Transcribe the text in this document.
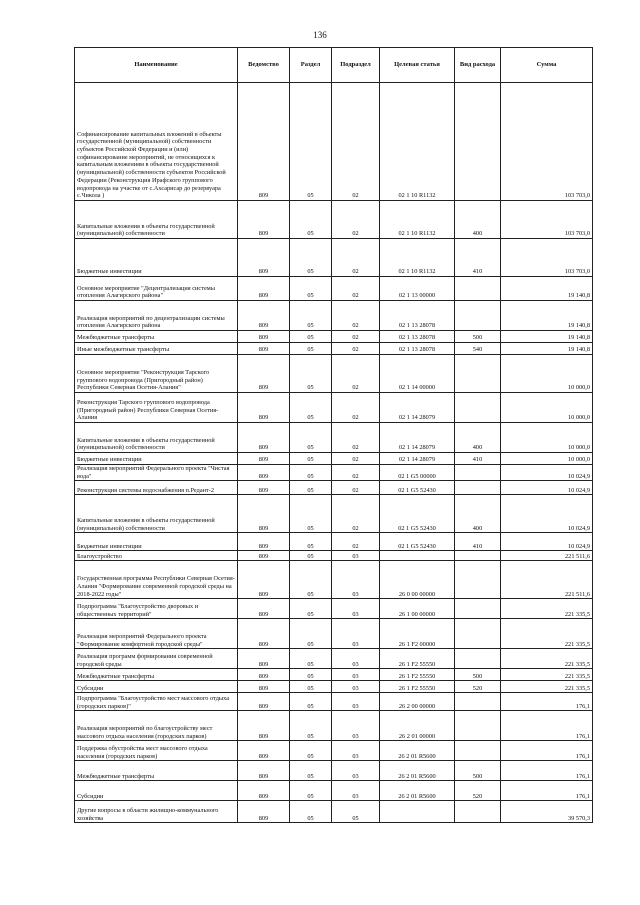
136
Наименование	Ведомство	Раздел	Подраздел	Целевая статья	Вид расхода	Сумма
Софинансирование капитальных вложений в объекты государственной (муниципальной) собственности субъектов Российской Федерации и (или) софинансирование мероприятий, не относящихся к капитальным вложениям в объекты государственной (муниципальной) собственности субъектов Российской Федерации (Реконструкция Ирафского группового водопровода на участке от с.Ахсарисар до резервуара с.Чикола )	809	05	02	02 1 10 R1132		103 703,0
Капитальные вложения в объекты государственной (муниципальной) собственности	809	05	02	02 1 10 R1132	400	103 703,0
Бюджетные инвестиции	809	05	02	02 1 10 R1132	410	103 703,0
Основное мероприятие "Децентрализация системы отопления Алагирского района"	809	05	02	02 1 13 00000		19 140,8
Реализация мероприятий по децентрализации системы отопления Алагирского района	809	05	02	02 1 13 28078		19 140,8
Межбюджетные трансферты	809	05	02	02 1 13 28078	500	19 140,8
Иные межбюджетные трансферты	809	05	02	02 1 13 28078	540	19 140,8
Основное мероприятие "Реконструкция Тарского группового водопровода (Пригородный район) Республики Северная Осетия-Алания"	809	05	02	02 1 14 00000		10 000,0
Реконструкция Тарского группового водопровода (Пригородный район) Республики Северная Осетия-Алания	809	05	02	02 1 14 28079		10 000,0
Капитальные вложения в объекты государственной (муниципальной) собственности	809	05	02	02 1 14 28079	400	10 000,0
Бюджетные инвестиции	809	05	02	02 1 14 28079	410	10 000,0
Реализация мероприятий Федерального проекта "Чистая вода"	809	05	02	02 1 G5 00000		10 024,9
Реконструкция системы водоснабжения п.Редант-2	809	05	02	02 1 G5 52430		10 024,9
Капитальные вложения в объекты государственной (муниципальной) собственности	809	05	02	02 1 G5 52430	400	10 024,9
Бюджетные инвестиции	809	05	02	02 1 G5 52430	410	10 024,9
Благоустройство	809	05	03			221 511,6
Государственная программа Республики Северная Осетия-Алания "Формирование современной городской среды на 2018-2022 годы"	809	05	03	26 0 00 00000		221 511,6
Подпрограмма "Благоустройство дворовых и общественных территорий"	809	05	03	26 1 00 00000		221 335,5
Реализация мероприятий Федерального проекта "Формирование комфортной городской среды"	809	05	03	26 1 F2 00000		221 335,5
Реализация программ формирования современной городской среды	809	05	03	26 1 F2 55550		221 335,5
Межбюджетные трансферты	809	05	03	26 1 F2 55550	500	221 335,5
Субсидии	809	05	03	26 1 F2 55550	520	221 335,5
Подпрограмма "Благоустройство мест массового отдыха (городских парков)"	809	05	03	26 2 00 00000		176,1
Реализация мероприятий по благоустройству мест массового отдыха населения (городских парков)	809	05	03	26 2 01 00000		176,1
Поддержка обустройства мест массового отдыха населения (городских парков)	809	05	03	26 2 01 R5600		176,1
Межбюджетные трансферты	809	05	03	26 2 01 R5600	500	176,1
Субсидии	809	05	03	26 2 01 R5600	520	176,1
Другие вопросы в области жилищно-коммунального хозяйства	809	05	05			39 570,3
